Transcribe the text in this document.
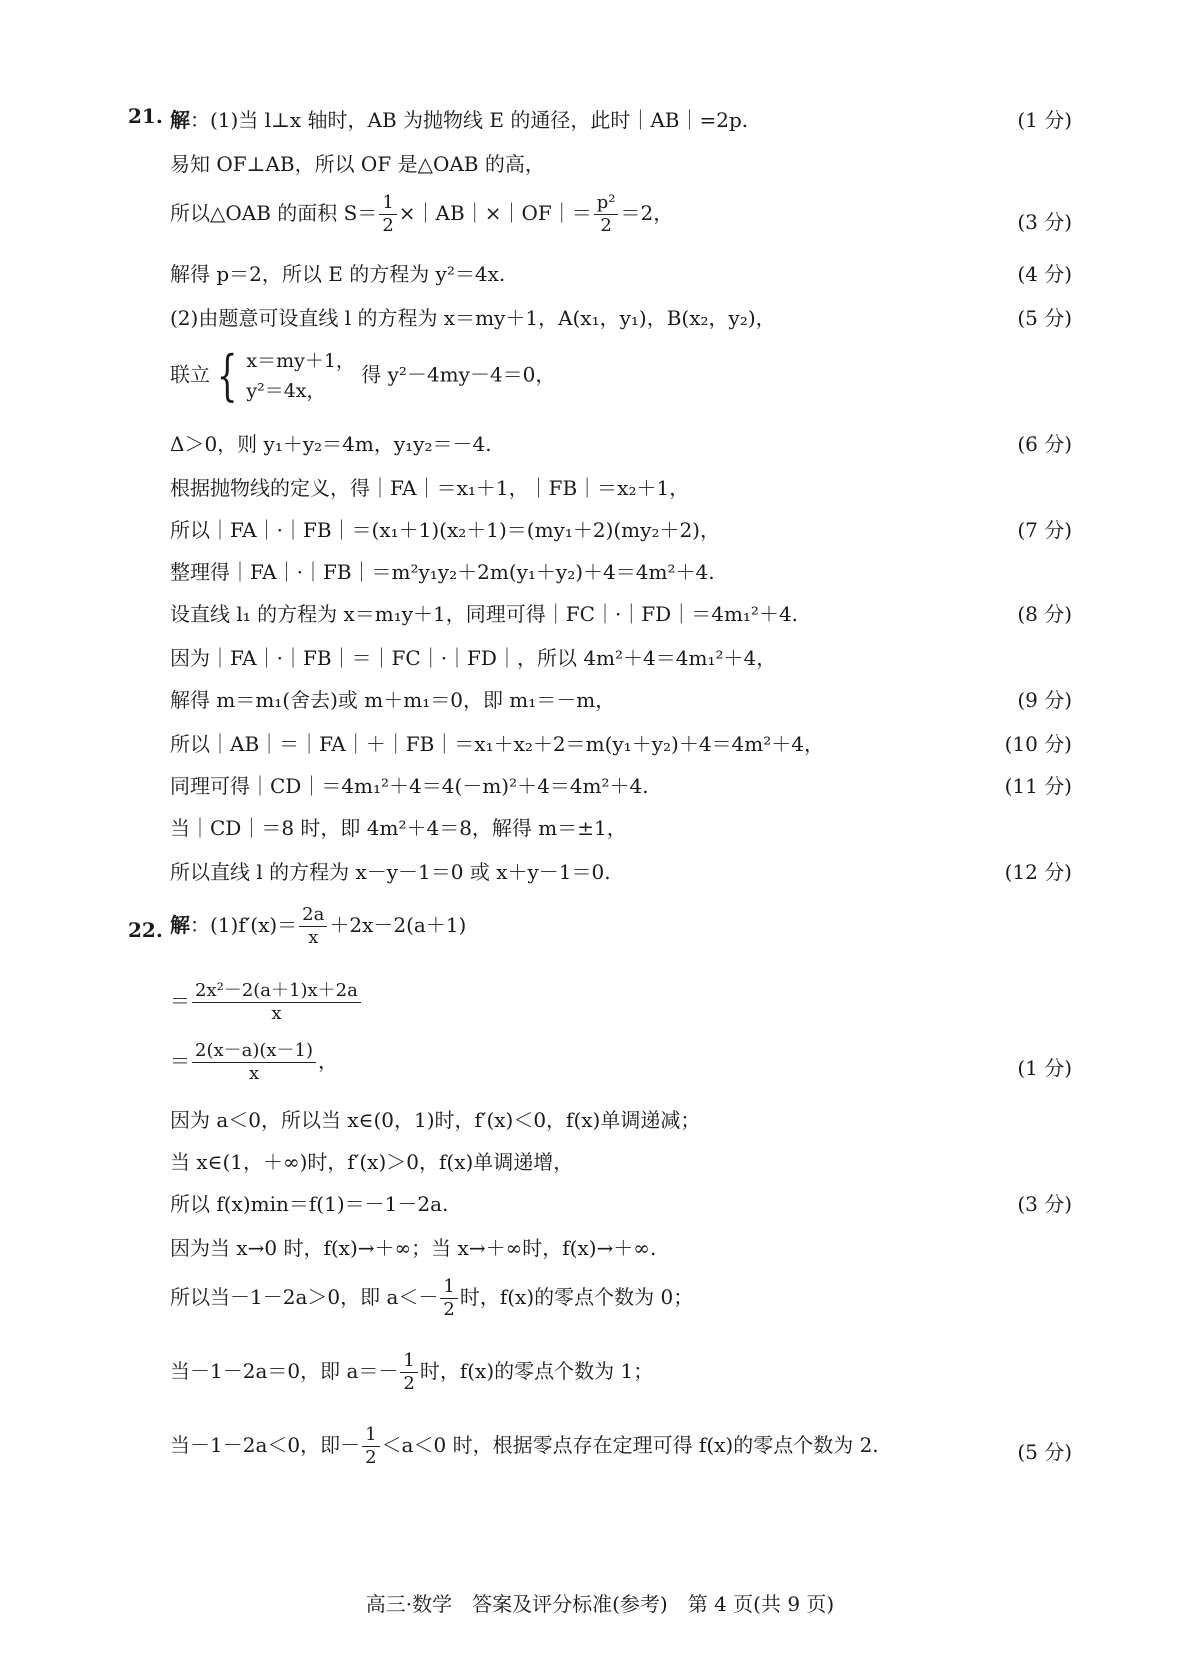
解：(1)当 l⊥x 轴时，AB 为抛物线 E 的通径，此时｜AB｜=2p.	(1 分)
21.
易知 OF⊥AB，所以 OF 是△OAB 的高，
所以△OAB 的面积 $S= \frac{1}{2}$ ×｜AB｜×｜OF｜＝ $\frac{\text{p²}}{2} =2$，	(3 分)
解得 p＝2，所以 E 的方程为 y²＝4x.	(4 分)
(2)由题意可设直线 l 的方程为 x＝my＋1，A(x₁，y₁)，B(x₂，y₂)，	(5 分)
联立 { x＝my＋1，
y²＝4x，
得 y²－4my－4＝0，
Δ＞0，则 y₁＋y₂＝4m，y₁y₂＝－4.	(6 分)
根据抛物线的定义，得｜FA｜＝x₁＋1，｜FB｜＝x₂＋1，
所以｜FA｜·｜FB｜＝(x₁＋1)(x₂＋1)＝(my₁＋2)(my₂＋2)，	(7 分)
整理得｜FA｜·｜FB｜＝m²y₁y₂＋2m(y₁＋y₂)＋4＝4m²＋4.
设直线 l₁ 的方程为 x＝m₁y＋1，同理可得｜FC｜·｜FD｜＝4m₁²＋4.	(8 分)
因为｜FA｜·｜FB｜＝｜FC｜·｜FD｜，所以 4m²＋4＝4m₁²＋4，
解得 m＝m₁(舍去)或 m＋m₁＝0，即 m₁＝－m，	(9 分)
所以｜AB｜＝｜FA｜＋｜FB｜＝x₁＋x₂＋2＝m(y₁＋y₂)＋4＝4m²＋4，	(10 分)
同理可得｜CD｜＝4m₁²＋4＝4(－m)²＋4＝4m²＋4.	(11 分)
当｜CD｜＝8 时，即 4m²＋4＝8，解得 m＝±1，
所以直线 l 的方程为 x－y－1＝0 或 x＋y－1＝0.	(12 分)
22. 解：$(1)f'(x)= \frac{2a}{x} +2x-2(a+1)$
＝ $\frac{\text{2x²－2(a＋1)x＋2a}}{x}$
＝ $\frac{2(x-a)(x-1)}{x}$ ，	(1 分)
因为 a＜0，所以当 x∈(0，1)时，f′(x)＜0，f(x)单调递减；
当 x∈(1，＋∞)时，f′(x)＞0，f(x)单调递增，
所以 f(x)min＝f(1)＝－1－2a.	(3 分)
因为当 x→0 时，f(x)→＋∞；当 x→＋∞时，f(x)→＋∞.
所以当－1－2a＞0，即 $a<- \frac{1}{2}$ 时，f(x)的零点个数为 0；
当－1－2a＝0，即 $a=- \frac{1}{2}$ 时，f(x)的零点个数为 1；
当－1－2a＜0，即－ $\frac{1}{2} <a<0$ 时，根据零点存在定理可得 f(x)的零点个数为 2.	(5 分)
高三·数学　答案及评分标准(参考)　第 4 页(共 9 页)
